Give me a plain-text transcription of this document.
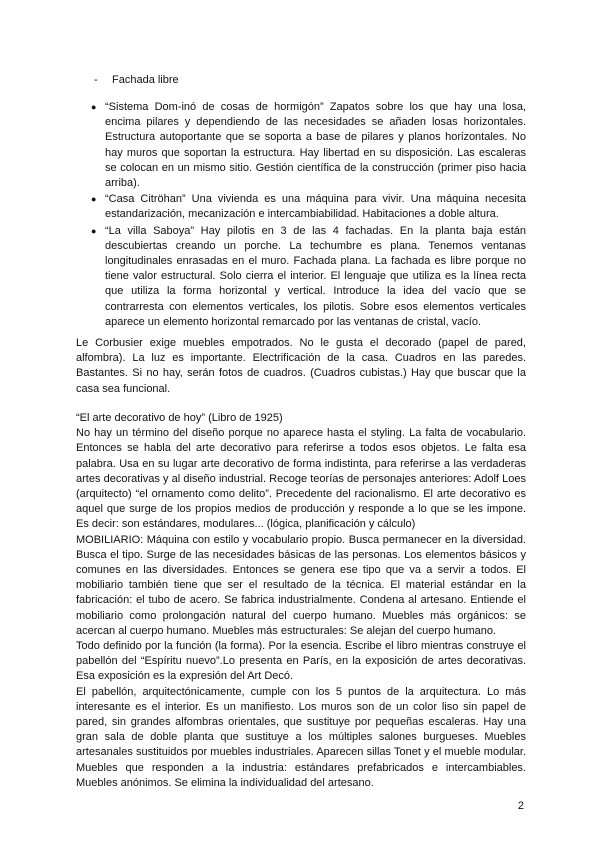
- Fachada libre
● “Sistema Dom-inó de cosas de hormigón” Zapatos sobre los que hay una losa, encima pilares y dependiendo de las necesidades se añaden losas horizontales. Estructura autoportante que se soporta a base de pilares y planos horizontales. No hay muros que soportan la estructura. Hay libertad en su disposición. Las escaleras se colocan en un mismo sitio. Gestión científica de la construcción (primer piso hacia arriba).
● “Casa Citröhan” Una vivienda es una máquina para vivir. Una máquina necesita estandarización, mecanización e intercambiabilidad. Habitaciones a doble altura.
● “La villa Saboya” Hay pilotis en 3 de las 4 fachadas. En la planta baja están descubiertas creando un porche. La techumbre es plana. Tenemos ventanas longitudinales enrasadas en el muro. Fachada plana. La fachada es libre porque no tiene valor estructural. Solo cierra el interior. El lenguaje que utiliza es la línea recta que utiliza la forma horizontal y vertical. Introduce la idea del vacío que se contrarresta con elementos verticales, los pilotis. Sobre esos elementos verticales aparece un elemento horizontal remarcado por las ventanas de cristal, vacío.

Le Corbusier exige muebles empotrados. No le gusta el decorado (papel de pared, alfombra). La luz es importante. Electrificación de la casa. Cuadros en las paredes. Bastantes. Si no hay, serán fotos de cuadros. (Cuadros cubistas.) Hay que buscar que la casa sea funcional.

“El arte decorativo de hoy” (Libro de 1925)

No hay un término del diseño porque no aparece hasta el styling. La falta de vocabulario. Entonces se habla del arte decorativo para referirse a todos esos objetos. Le falta esa palabra. Usa en su lugar arte decorativo de forma indistinta, para referirse a las verdaderas artes decorativas y al diseño industrial. Recoge teorías de personajes anteriores: Adolf Loes (arquitecto) “el ornamento como delito”. Precedente del racionalismo. El arte decorativo es aquel que surge de los propios medios de producción y responde a lo que se les impone. Es decir: son estándares, modulares... (lógica, planificación y cálculo)

MOBILIARIO: Máquina con estilo y vocabulario propio. Busca permanecer en la diversidad. Busca el tipo. Surge de las necesidades básicas de las personas. Los elementos básicos y comunes en las diversidades. Entonces se genera ese tipo que va a servir a todos. El mobiliario también tiene que ser el resultado de la técnica. El material estándar en la fabricación: el tubo de acero. Se fabrica industrialmente. Condena al artesano. Entiende el mobiliario como prolongación natural del cuerpo humano. Muebles más orgánicos: se acercan al cuerpo humano. Muebles más estructurales: Se alejan del cuerpo humano.

Todo definido por la función (la forma). Por la esencia. Escribe el libro mientras construye el pabellón del “Espíritu nuevo”.Lo presenta en París, en la exposición de artes decorativas. Esa exposición es la expresión del Art Decó.

El pabellón, arquitectónicamente, cumple con los 5 puntos de la arquitectura. Lo más interesante es el interior. Es un manifiesto. Los muros son de un color liso sin papel de pared, sin grandes alfombras orientales, que sustituye por pequeñas escaleras. Hay una gran sala de doble planta que sustituye a los múltiples salones burgueses. Muebles artesanales sustituidos por muebles industriales. Aparecen sillas Tonet y el mueble modular. Muebles que responden a la industria: estándares prefabricados e intercambiables. Muebles anónimos. Se elimina la individualidad del artesano.

2
